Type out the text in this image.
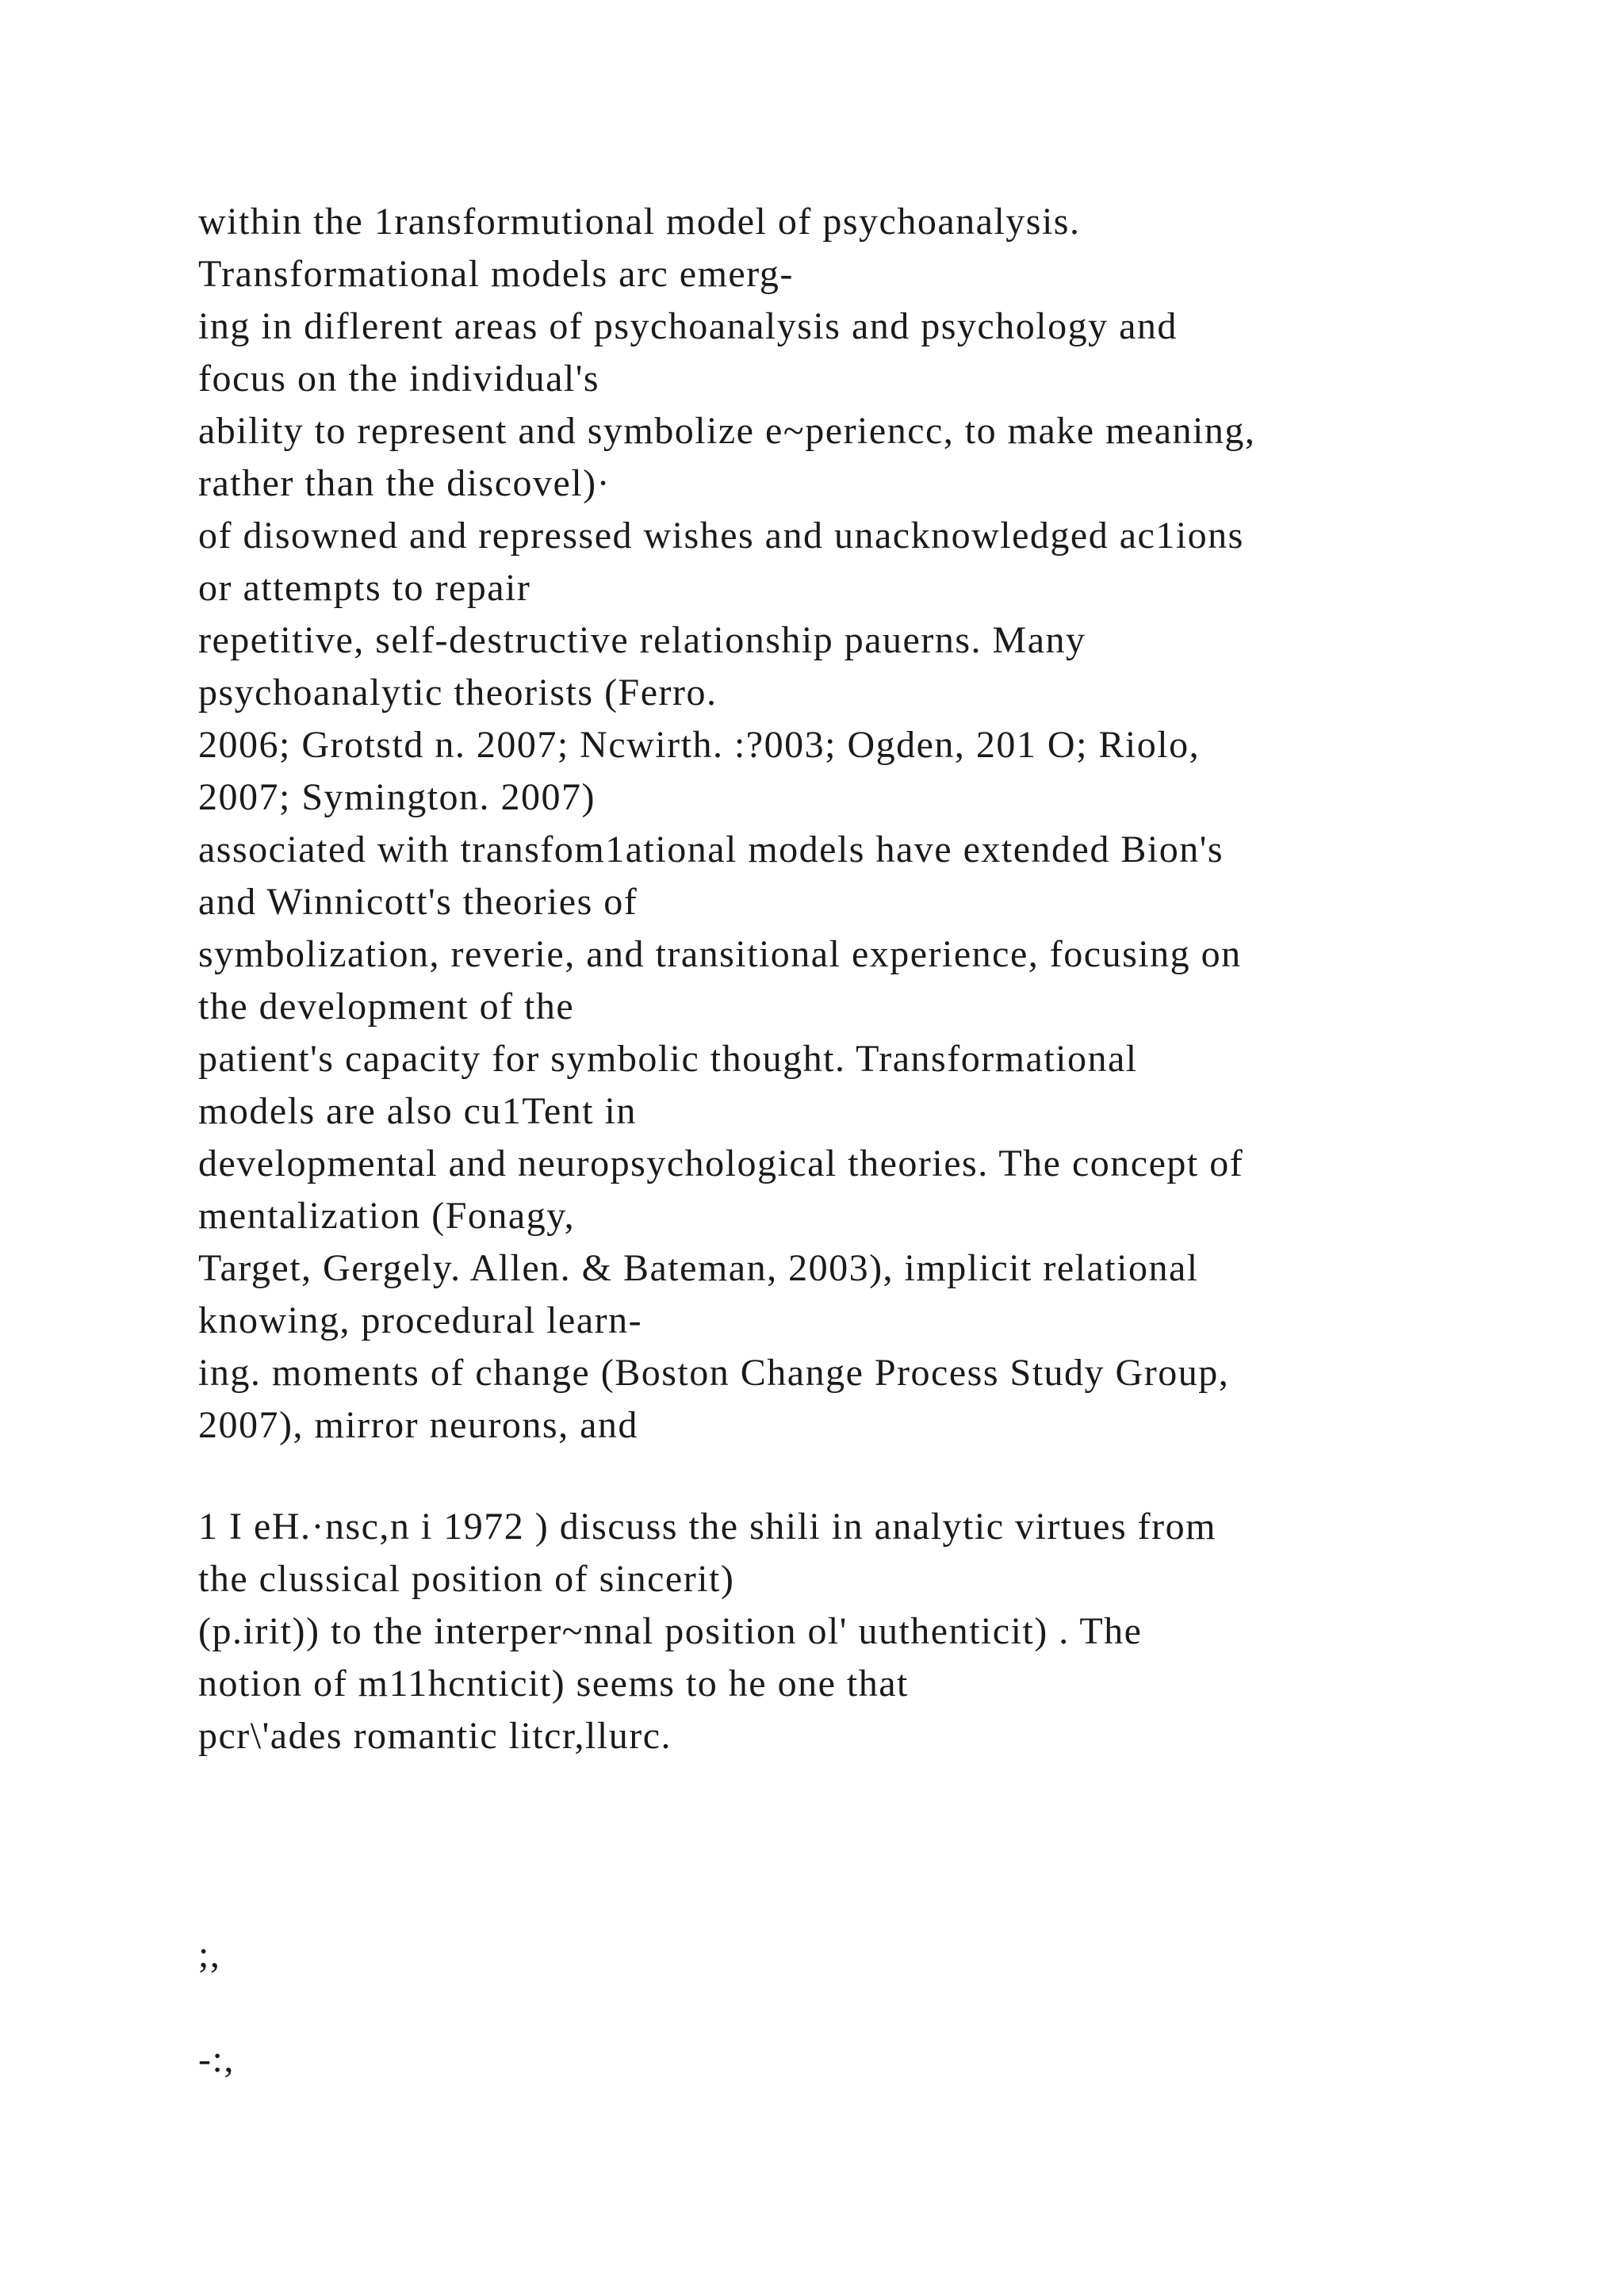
within the 1ransformutional model of psychoanalysis.
Transformational models arc emerg-
ing in diflerent areas of psychoanalysis and psychology and
focus on the individual's
ability to represent and symbolize e~periencc, to make meaning,
rather than the discovel)·
of disowned and repressed wishes and unacknowledged ac1ions
or attempts to repair
repetitive, self-destructive relationship pauerns. Many
psychoanalytic theorists (Ferro.
2006; Grotstd n. 2007; Ncwirth. :?003; Ogden, 201 O; Riolo,
2007; Symington. 2007)
associated with transfom1ational models have extended Bion's
and Winnicott's theories of
symbolization, reverie, and transitional experience, focusing on
the development of the
patient's capacity for symbolic thought. Transformational
models are also cu1Tent in
developmental and neuropsychological theories. The concept of
mentalization (Fonagy,
Target, Gergely. Allen. & Bateman, 2003), implicit relational
knowing, procedural learn-
ing. moments of change (Boston Change Process Study Group,
2007), mirror neurons, and
1 I eH.·nsc,n i 1972 ) discuss the shili in analytic virtues from
the clussical position of sincerit)
(p.irit)) to the interper~nnal position ol' uuthenticit) . The
notion of m11hcnticit) seems to he one that
pcr\'ades romantic litcr,llurc.
;,
-:,
